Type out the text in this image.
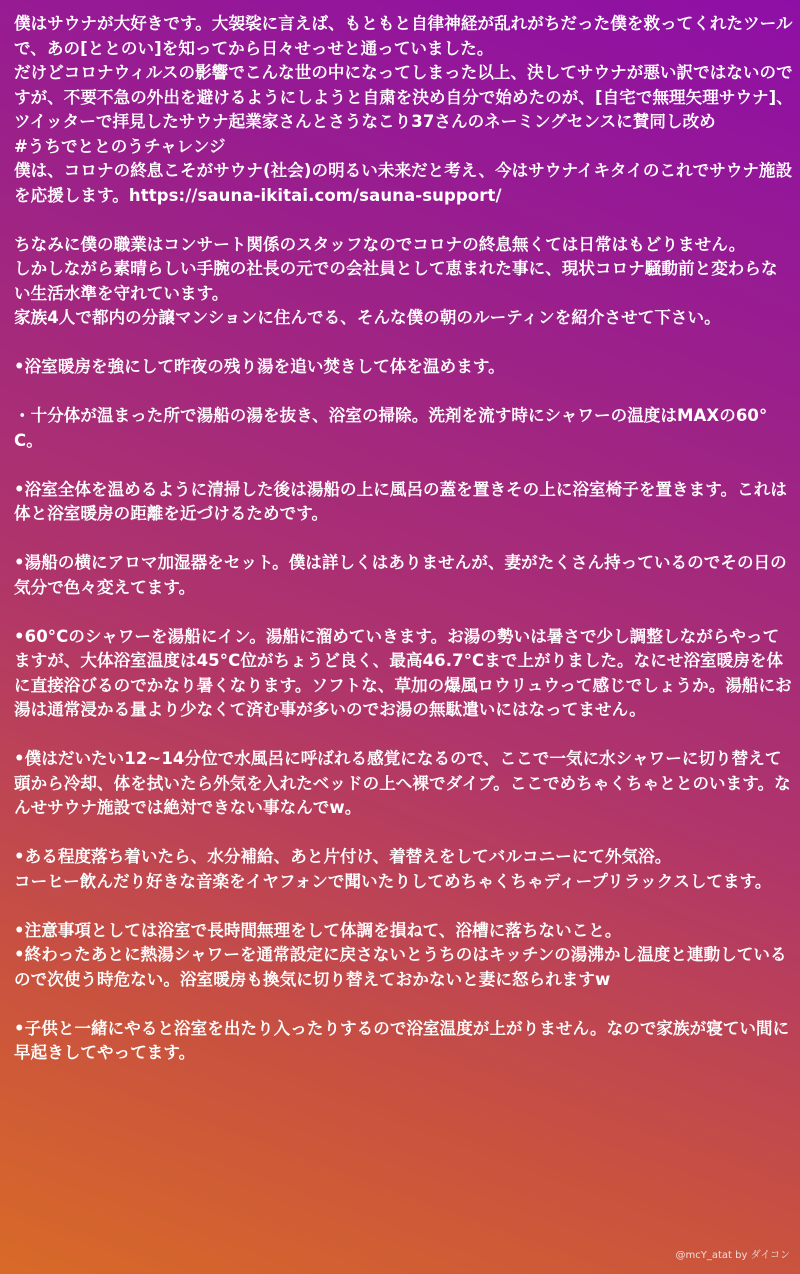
僕はサウナが大好きです。大袈裟に言えば、もともと自律神経が乱れがちだった僕を救ってくれたツールで、あの[ととのい]を知ってから日々せっせと通っていました。
だけどコロナウィルスの影響でこんな世の中になってしまった以上、決してサウナが悪い訳ではないのですが、不要不急の外出を避けるようにしようと自粛を決め自分で始めたのが、[自宅で無理矢理サウナ]、ツイッターで拝見したサウナ起業家さんとさうなこり37さんのネーミングセンスに賛同し改め
#うちでととのうチャレンジ
僕は、コロナの終息こそがサウナ(社会)の明るい未来だと考え、今はサウナイキタイのこれでサウナ施設を応援します。https://sauna-ikitai.com/sauna-support/

ちなみに僕の職業はコンサート関係のスタッフなのでコロナの終息無くては日常はもどりません。
しかしながら素晴らしい手腕の社長の元での会社員として恵まれた事に、現状コロナ騒動前と変わらない生活水準を守れています。
家族4人で都内の分譲マンションに住んでる、そんな僕の朝のルーティンを紹介させて下さい。

•浴室暖房を強にして昨夜の残り湯を追い焚きして体を温めます。

・十分体が温まった所で湯船の湯を抜き、浴室の掃除。洗剤を流す時にシャワーの温度はMAXの60°C。

•浴室全体を温めるように清掃した後は湯船の上に風呂の蓋を置きその上に浴室椅子を置きます。これは体と浴室暖房の距離を近づけるためです。

•湯船の横にアロマ加湿器をセット。僕は詳しくはありませんが、妻がたくさん持っているのでその日の気分で色々変えてます。

•60°Cのシャワーを湯船にイン。湯船に溜めていきます。お湯の勢いは暑さで少し調整しながらやってますが、大体浴室温度は45°C位がちょうど良く、最高46.7°Cまで上がりました。なにせ浴室暖房を体に直接浴びるのでかなり暑くなります。ソフトな、草加の爆風ロウリュウって感じでしょうか。湯船にお湯は通常浸かる量より少なくて済む事が多いのでお湯の無駄遣いにはなってません。

•僕はだいたい12~14分位で水風呂に呼ばれる感覚になるので、ここで一気に水シャワーに切り替えて頭から冷却、体を拭いたら外気を入れたベッドの上へ裸でダイブ。ここでめちゃくちゃととのいます。なんせサウナ施設では絶対できない事なんでw。

•ある程度落ち着いたら、水分補給、あと片付け、着替えをしてバルコニーにて外気浴。
コーヒー飲んだり好きな音楽をイヤフォンで聞いたりしてめちゃくちゃディープリラックスしてます。

•注意事項としては浴室で長時間無理をして体調を損ねて、浴槽に落ちないこと。
•終わったあとに熱湯シャワーを通常設定に戻さないとうちのはキッチンの湯沸かし温度と連動しているので次使う時危ない。浴室暖房も換気に切り替えておかないと妻に怒られますw

•子供と一緒にやると浴室を出たり入ったりするので浴室温度が上がりません。なので家族が寝てい間に早起きしてやってます。

@mcY_atat by ダイコン
